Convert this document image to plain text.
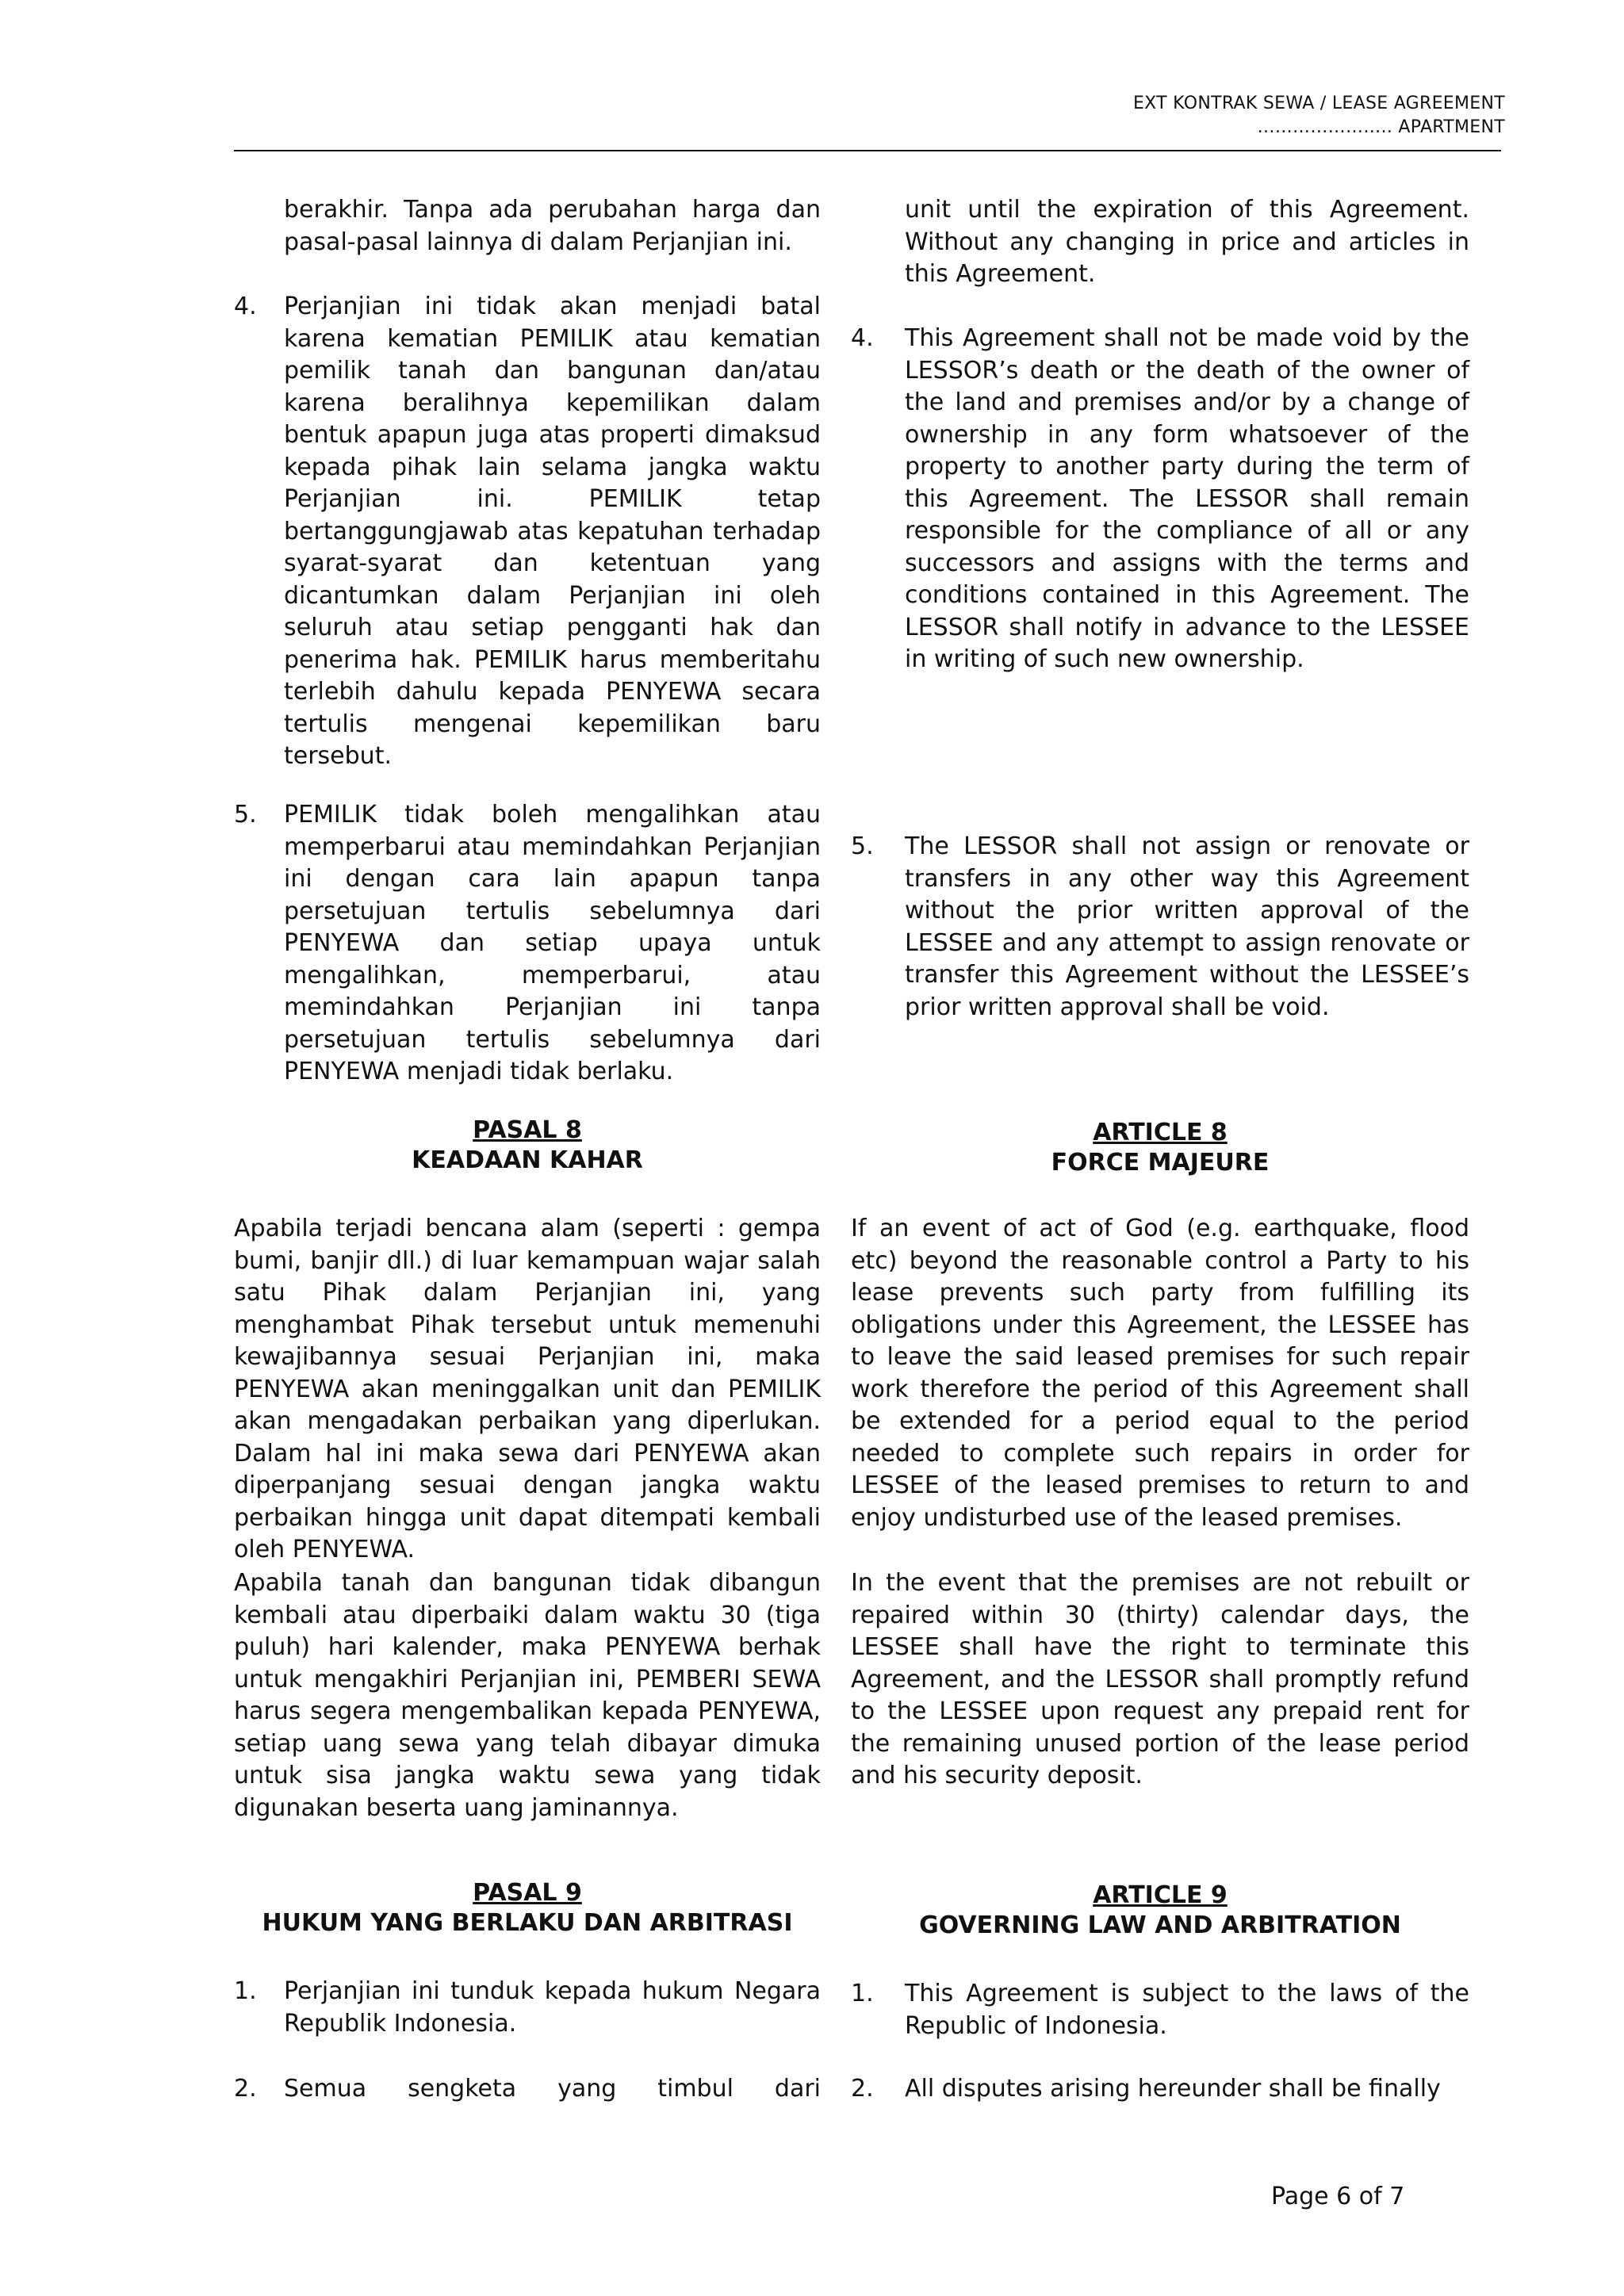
EXT KONTRAK SEWA / LEASE AGREEMENT
………………….. APARTMENT
berakhir. Tanpa ada perubahan harga dan pasal-pasal lainnya di dalam Perjanjian ini.
4. Perjanjian ini tidak akan menjadi batal karena kematian PEMILIK atau kematian pemilik tanah dan bangunan dan/atau karena beralihnya kepemilikan dalam bentuk apapun juga atas properti dimaksud kepada pihak lain selama jangka waktu Perjanjian ini. PEMILIK tetap bertanggungjawab atas kepatuhan terhadap syarat-syarat dan ketentuan yang dicantumkan dalam Perjanjian ini oleh seluruh atau setiap pengganti hak dan penerima hak. PEMILIK harus memberitahu terlebih dahulu kepada PENYEWA secara tertulis mengenai kepemilikan baru tersebut.
5. PEMILIK tidak boleh mengalihkan atau memperbarui atau memindahkan Perjanjian ini dengan cara lain apapun tanpa persetujuan tertulis sebelumnya dari PENYEWA dan setiap upaya untuk mengalihkan, memperbarui, atau memindahkan Perjanjian ini tanpa persetujuan tertulis sebelumnya dari PENYEWA menjadi tidak berlaku.
PASAL 8
KEADAAN KAHAR
Apabila terjadi bencana alam (seperti : gempa bumi, banjir dll.) di luar kemampuan wajar salah satu Pihak dalam Perjanjian ini, yang menghambat Pihak tersebut untuk memenuhi kewajibannya sesuai Perjanjian ini, maka PENYEWA akan meninggalkan unit dan PEMILIK akan mengadakan perbaikan yang diperlukan. Dalam hal ini maka sewa dari PENYEWA akan diperpanjang sesuai dengan jangka waktu perbaikan hingga unit dapat ditempati kembali oleh PENYEWA.
Apabila tanah dan bangunan tidak dibangun kembali atau diperbaiki dalam waktu 30 (tiga puluh) hari kalender, maka PENYEWA berhak untuk mengakhiri Perjanjian ini, PEMBERI SEWA harus segera mengembalikan kepada PENYEWA, setiap uang sewa yang telah dibayar dimuka untuk sisa jangka waktu sewa yang tidak digunakan beserta uang jaminannya.
PASAL 9
HUKUM YANG BERLAKU DAN ARBITRASI
1. Perjanjian ini tunduk kepada hukum Negara Republik Indonesia.
2. Semua sengketa yang timbul dari
unit until the expiration of this Agreement. Without any changing in price and articles in this Agreement.
4. This Agreement shall not be made void by the LESSOR’s death or the death of the owner of the land and premises and/or by a change of ownership in any form whatsoever of the property to another party during the term of this Agreement. The LESSOR shall remain responsible for the compliance of all or any successors and assigns with the terms and conditions contained in this Agreement. The LESSOR shall notify in advance to the LESSEE in writing of such new ownership.
5. The LESSOR shall not assign or renovate or transfers in any other way this Agreement without the prior written approval of the LESSEE and any attempt to assign renovate or transfer this Agreement without the LESSEE’s prior written approval shall be void.
ARTICLE 8
FORCE MAJEURE
If an event of act of God (e.g. earthquake, flood etc) beyond the reasonable control a Party to his lease prevents such party from fulfilling its obligations under this Agreement, the LESSEE has to leave the said leased premises for such repair work therefore the period of this Agreement shall be extended for a period equal to the period needed to complete such repairs in order for LESSEE of the leased premises to return to and enjoy undisturbed use of the leased premises.
In the event that the premises are not rebuilt or repaired within 30 (thirty) calendar days, the LESSEE shall have the right to terminate this Agreement, and the LESSOR shall promptly refund to the LESSEE upon request any prepaid rent for the remaining unused portion of the lease period and his security deposit.
ARTICLE 9
GOVERNING LAW AND ARBITRATION
1. This Agreement is subject to the laws of the Republic of Indonesia.
2. All disputes arising hereunder shall be finally
Page 6 of 7
